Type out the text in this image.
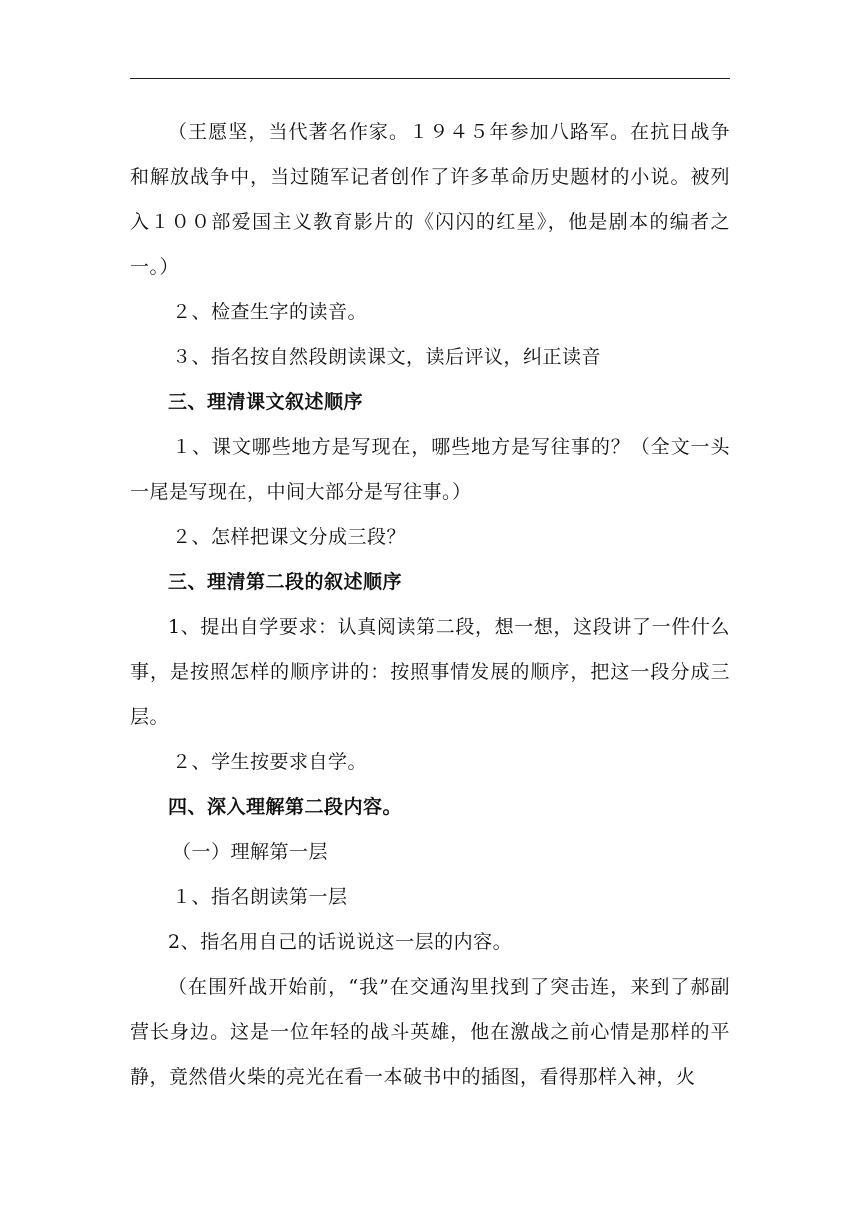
（王愿坚，当代著名作家。１９４５年参加八路军。在抗日战争和解放战争中，当过随军记者创作了许多革命历史题材的小说。被列入１００部爱国主义教育影片的《闪闪的红星》，他是剧本的编者之一。）

２、检查生字的读音。

３、指名按自然段朗读课文，读后评议，纠正读音

三、理清课文叙述顺序

１、课文哪些地方是写现在，哪些地方是写往事的？（全文一头一尾是写现在，中间大部分是写往事。）

２、怎样把课文分成三段？

三、理清第二段的叙述顺序

1、提出自学要求：认真阅读第二段，想一想，这段讲了一件什么事，是按照怎样的顺序讲的：按照事情发展的顺序，把这一段分成三层。

２、学生按要求自学。

四、深入理解第二段内容。

（一）理解第一层

１、指名朗读第一层

2、指名用自己的话说说这一层的内容。

（在围歼战开始前，“我”在交通沟里找到了突击连，来到了郝副营长身边。这是一位年轻的战斗英雄，他在激战之前心情是那样的平静，竟然借火柴的亮光在看一本破书中的插图，看得那样入神，火
